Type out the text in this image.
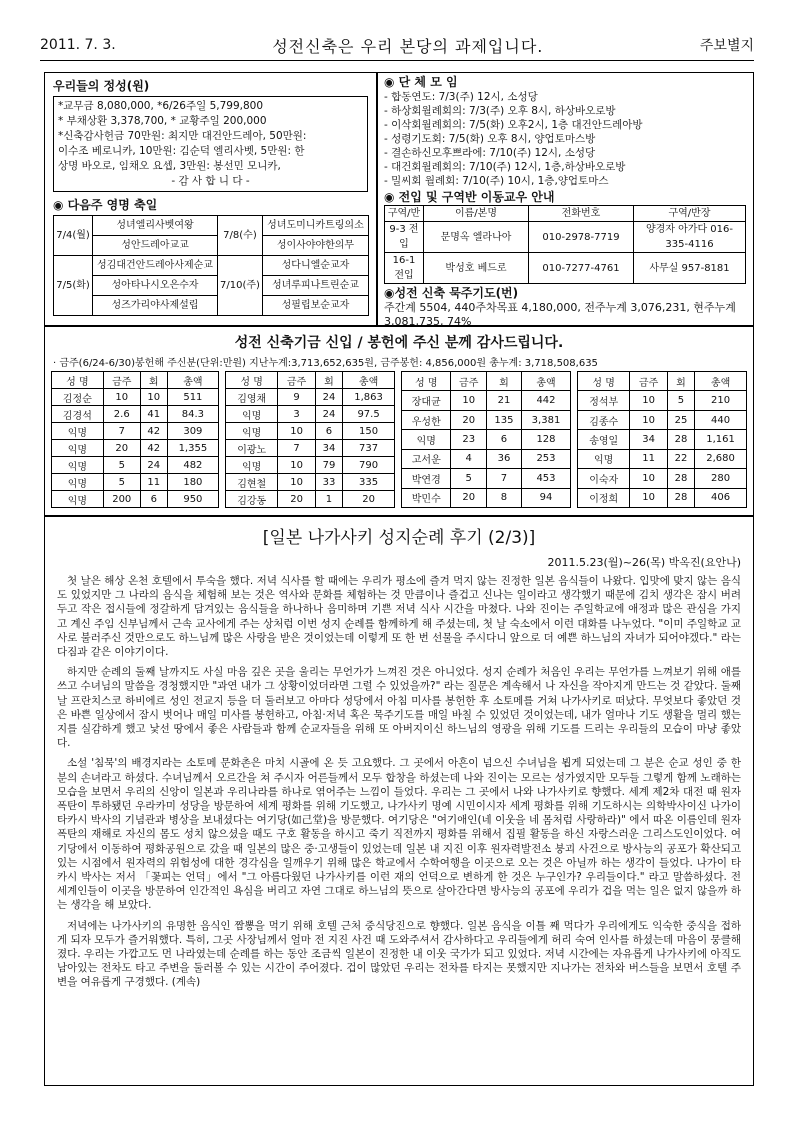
2011. 7. 3.	성전신축은 우리 본당의 과제입니다.	주보별지
우리들의 정성(원)
*교무금 8,080,000, *6/26주일 5,799,800
* 부채상환 3,378,700, * 교황주일 200,000
*신축감사헌금 70만원: 최지만 대건안드레아, 50만원:
이수조 베로니카, 10만원: 김순덕 엘리사벳, 5만원: 한
상명 바오로, 임채오 요셉, 3만원: 봉선민 모니카,
- 감 사 합 니 다 -
◉ 다음주 영명 축일
7/4(월)	성녀엘리사벳여왕	7/8(수)	성녀도미니카트링의소
	성안드레아교교		성이사야야한의무
7/5(화)	성김대건안드레아사제순교	7/10(주)	성다니엘순교자
	성아타나시오은수자		성녀루피나트린순교
	성즈가리야사제설립		성필립보순교자
◉ 단 체 모 임
- 합동연도: 7/3(주) 12시, 소성당
- 하상회월례회의: 7/3(주) 오후 8시, 하상바오로방
- 이삭회월례회의: 7/5(화) 오후2시, 1층 대건안드레아방
- 성령기도회: 7/5(화) 오후 8시, 양업토마스방
- 결손하신모후쁘라에: 7/10(주) 12시, 소성당
- 대건회월례회의: 7/10(주) 12시, 1층,하상바오로방
- 밀씨회 월례회: 7/10(주) 10시, 1층,양업토마스
◉ 전입 및 구역반 이동교우 안내
구역/반	이름/본명	전화번호	구역/반장
9-3 전입	문명옥 엘라나아	010-2978-7719	양경자 아가다 016-335-4116
16-1 전입	박성호 베드로	010-7277-4761	사무실 957-8181
◉성전 신축 묵주기도(번)
주간계 5504, 440주차목표 4,180,000, 전주누계 3,076,231, 현주누계 3,081,735, 74%
성전 신축기금 신입 / 봉헌에 주신 분께 감사드립니다.
· 금주(6/24-6/30)봉헌해 주신분(단위:만원) 지난누계:3,713,652,635원, 금주봉헌: 4,856,000원 총누계: 3,718,508,635
성 명	금주	회	총액
김정순	10	10	511
김경석	2.6	41	84.3
익명	7	42	309
익명	20	42	1,355
익명	5	24	482
익명	5	11	180
익명	200	6	950
성 명	금주	회	총액
김영채	9	24	1,863
익명	3	24	97.5
익명	10	6	150
이광노	7	34	737
익명	10	79	790
김현철	10	33	335
김강동	20	1	20
성 명	금주	회	총액
장대균	10	21	442
우성한	20	135	3,381
익명	23	6	128
고서운	4	36	253
박연경	5	7	453
박민수	20	8	94
성 명	금주	회	총액
정석부	10	5	210
김종수	10	25	440
송영일	34	28	1,161
익명	11	22	2,680
이숙자	10	28	280
이정희	10	28	406
[일본 나가사키 성지순례 후기 (2/3)]
2011.5.23(월)~26(목) 박옥진(요안나)

첫 날은 해상 온천 호텔에서 투숙을 했다. 저녁 식사를 할 때에는 우리가 평소에 즐겨 먹지 않는 진정한 일본 음식들이 나왔다. 입맛에 맞지 않는 음식도 있었지만 그 나라의 음식을 체험해 보는 것은 역사와 문화를 체험하는 것 만큼이나 즐겁고 신나는 일이라고 생각했기 때문에 김치 생각은 잠시 버려두고 작은 접시들에 정갈하게 담겨있는 음식들을 하나하나 음미하며 기쁜 저녁 식사 시간을 마쳤다. 나와 진이는 주일학교에 애정과 많은 관심을 가지고 계신 주임 신부님께서 근속 교사에게 주는 상처럼 이번 성지 순례를 함께하게 해 주셨는데, 첫 날 숙소에서 이런 대화를 나누었다. "이미 주일학교 교사로 불러주신 것만으로도 하느님께 많은 사랑을 받은 것이었는데 이렇게 또 한 번 선물을 주시다니 앞으로 더 예쁜 하느님의 자녀가 되어야겠다." 라는 다짐과 같은 이야기이다.

하지만 순례의 둘째 날까지도 사실 마음 깊은 곳을 울리는 무언가가 느껴진 것은 아니었다. 성지 순례가 처음인 우리는 무언가를 느껴보기 위해 애를 쓰고 수녀님의 말씀을 경청했지만 "과연 내가 그 상황이었더라면 그럴 수 있었을까?" 라는 질문은 계속해서 나 자신을 작아지게 만드는 것 같았다. 둘째 날 프란치스코 하비에르 성인 전교지 등을 더 둘러보고 아마다 성당에서 아침 미사를 봉헌한 후 소토메를 거쳐 나가사키로 떠났다. 무엇보다 좋았던 것은 바쁜 일상에서 잠시 벗어나 매일 미사를 봉헌하고, 아침·저녁 혹은 묵주기도를 매일 바칠 수 있었던 것이었는데, 내가 얼마나 기도 생활을 멀리 했는지를 실감하게 했고 낯선 땅에서 좋은 사람들과 함께 순교자들을 위해 또 아버지이신 하느님의 영광을 위해 기도를 드리는 우리들의 모습이 마냥 좋았다.

소설 '침묵'의 배경지라는 소토메 문화촌은 마치 시골에 온 듯 고요했다. 그 곳에서 아흔이 넘으신 수녀님을 뵙게 되었는데 그 분은 순교 성인 중 한 분의 손녀라고 하셨다. 수녀님께서 오르간을 쳐 주시자 어른들께서 모두 합창을 하셨는데 나와 진이는 모르는 성가였지만 모두들 그렇게 함께 노래하는 모습을 보면서 우리의 신앙이 일본과 우리나라를 하나로 엮어주는 느낌이 들었다. 우리는 그 곳에서 나와 나가사키로 향했다. 세계 제2차 대전 때 원자폭탄이 투하됐던 우라카미 성당을 방문하여 세계 평화를 위해 기도했고, 나가사키 명예 시민이시자 세계 평화를 위해 기도하시는 의학박사이신 나가이 타카시 박사의 기념관과 병상을 보내셨다는 여기당(如己堂)을 방문했다. 여기당은 "여기애인(네 이웃을 네 몸처럼 사랑하라)" 에서 따온 이름인데 원자 폭탄의 재해로 자신의 몸도 성치 않으셨을 때도 구호 활동을 하시고 죽기 직전까지 평화를 위해서 집필 활동을 하신 자랑스러운 그리스도인이었다. 여기당에서 이동하여 평화공원으로 갔을 때 일본의 많은 중·고생들이 있었는데 일본 내 지진 이후 원자력발전소 붕괴 사건으로 방사능의 공포가 확산되고 있는 시점에서 원자력의 위험성에 대한 경각심을 일깨우기 위해 많은 학교에서 수학여행을 이곳으로 오는 것은 아닐까 하는 생각이 들었다. 나가이 타카시 박사는 저서 「꽃피는 언덕」에서 "그 아름다웠던 나가사키를 이런 재의 언덕으로 변하게 한 것은 누구인가? 우리들이다." 라고 말씀하셨다. 전 세계인들이 이곳을 방문하여 인간적인 욕심을 버리고 자연 그대로 하느님의 뜻으로 살아간다면 방사능의 공포에 우리가 겁을 먹는 일은 없지 않을까 하는 생각을 해 보았다.

저녁에는 나가사키의 유명한 음식인 짬뽕을 먹기 위해 호텔 근처 중식당진으로 향했다. 일본 음식을 이틀 째 먹다가 우리에게도 익숙한 중식을 접하게 되자 모두가 즐거워했다. 특히, 그곳 사장님께서 얼마 전 지진 사건 때 도와주셔서 감사하다고 우리들에게 허리 숙여 인사를 하셨는데 마음이 뭉클해졌다. 우리는 가깝고도 먼 나라였는데 순례를 하는 동안 조금씩 일본이 진정한 내 이웃 국가가 되고 있었다. 저녁 시간에는 자유롭게 나가사키에 아직도 남아있는 전차도 타고 주변을 둘러볼 수 있는 시간이 주어졌다. 겁이 많았던 우리는 전차를 타지는 못했지만 지나가는 전차와 버스들을 보면서 호텔 주변을 여유롭게 구경했다. (계속)
